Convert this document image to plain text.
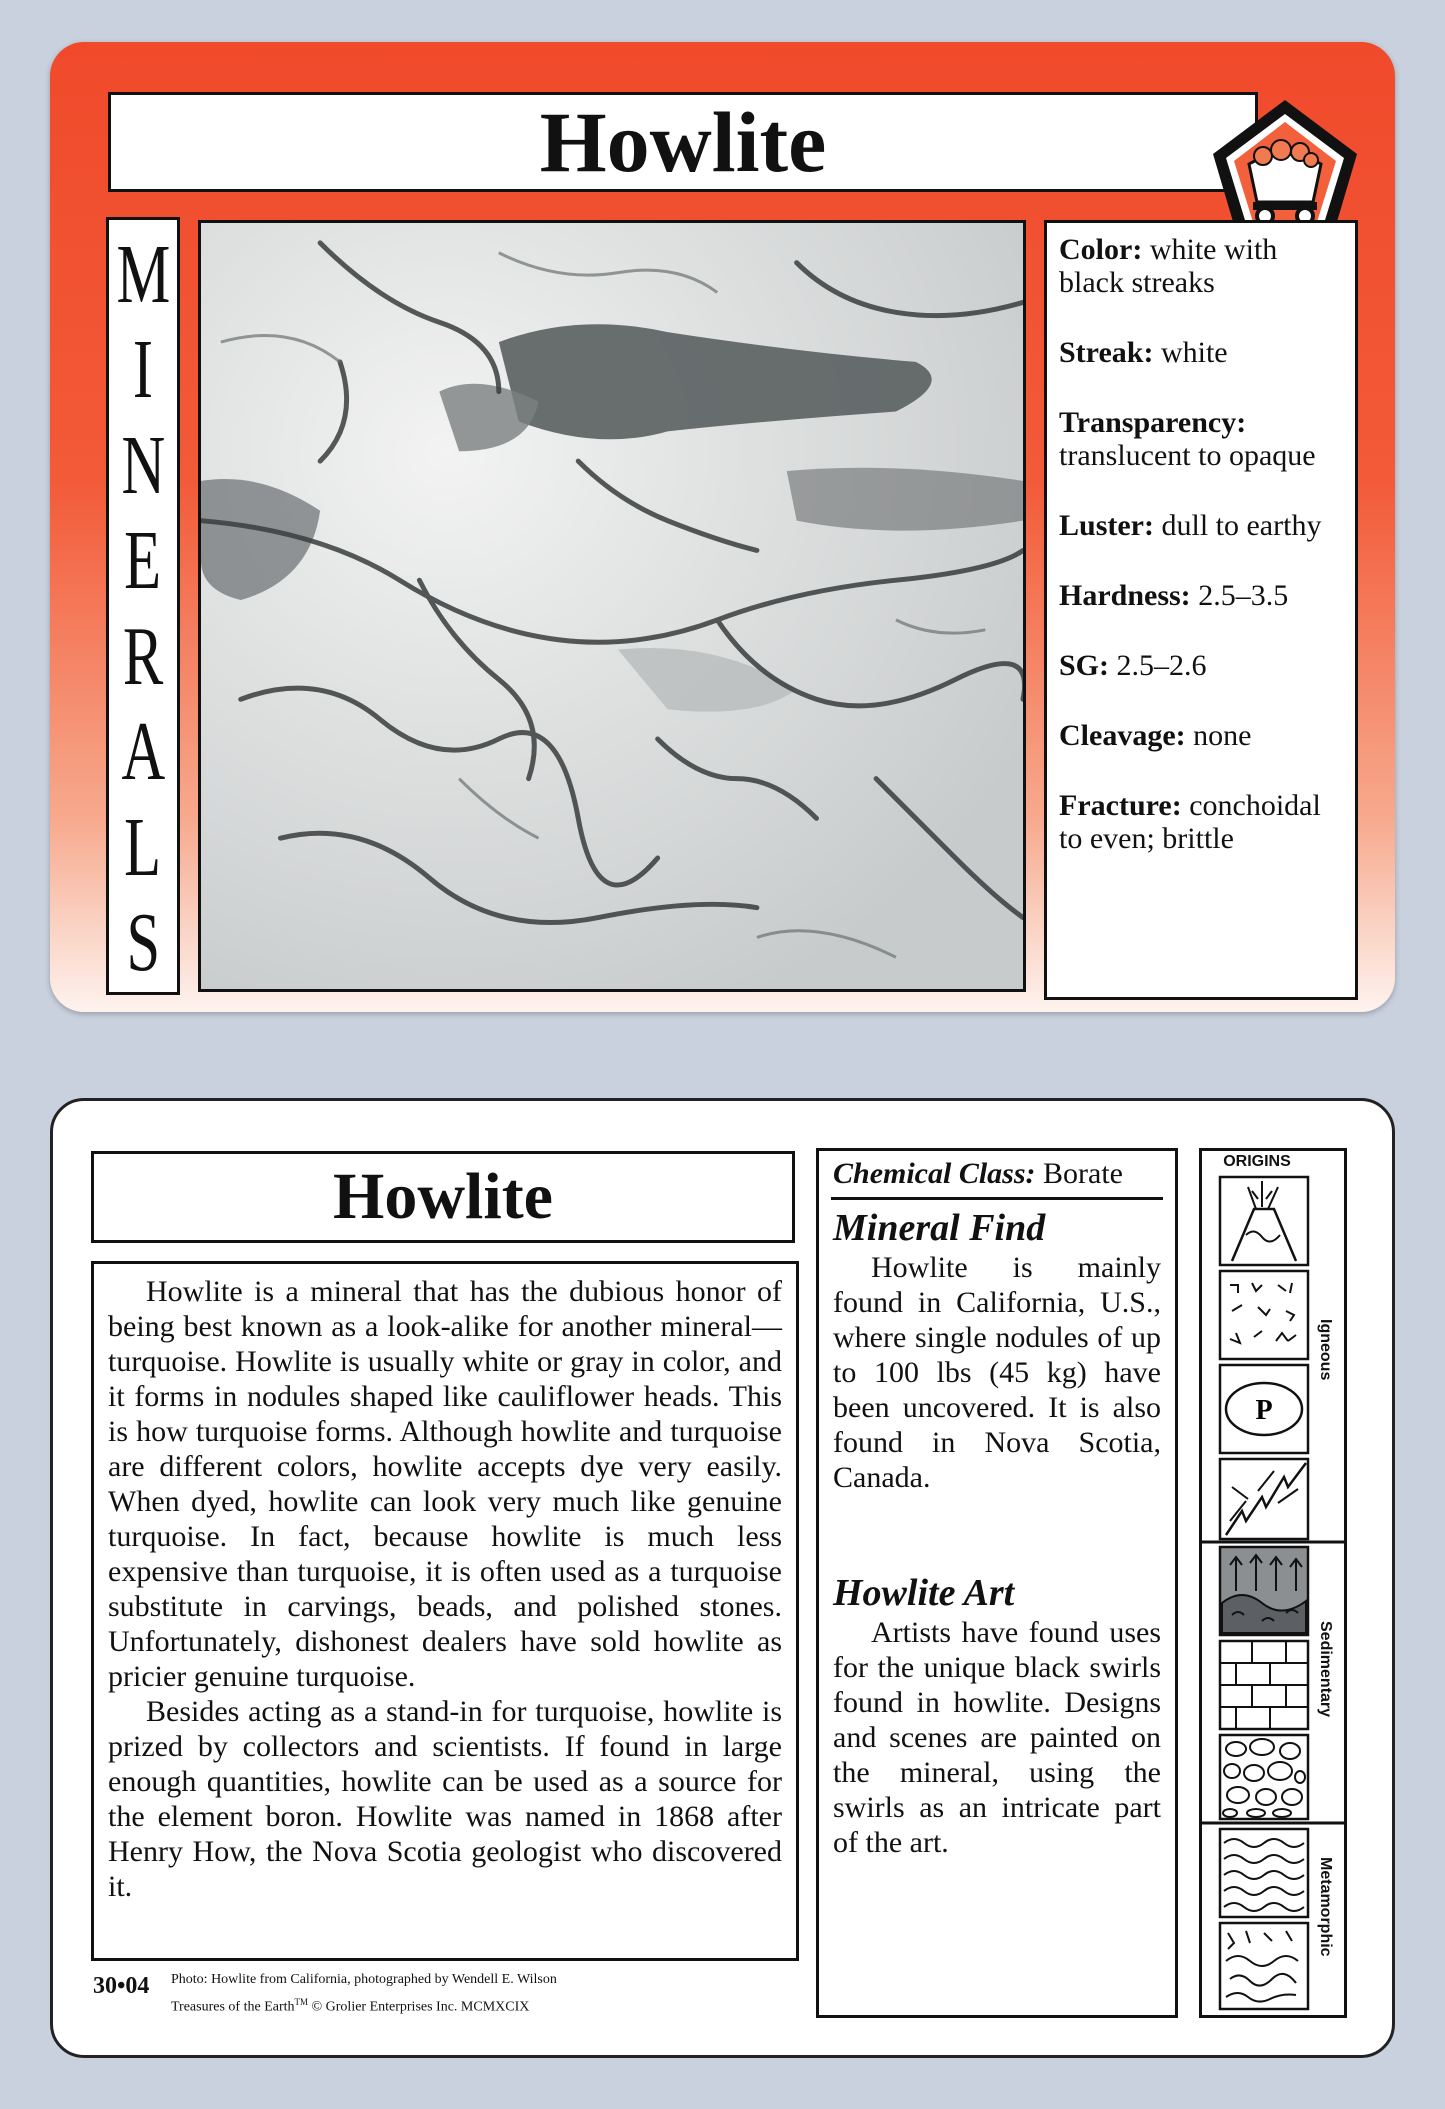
Howlite
M
I
N
E
R
A
L
S
Color: white with black streaks
Streak: white
Transparency: translucent to opaque
Luster: dull to earthy
Hardness: 2.5–3.5
SG: 2.5–2.6
Cleavage: none
Fracture: conchoidal to even; brittle
Howlite

Howlite is a mineral that has the dubious honor of being best known as a look-alike for another mineral—turquoise. Howlite is usually white or gray in color, and it forms in nodules shaped like cauliflower heads. This is how turquoise forms. Although howlite and turquoise are different colors, howlite accepts dye very easily. When dyed, howlite can look very much like genuine turquoise. In fact, because howlite is much less expensive than turquoise, it is often used as a turquoise substitute in carvings, beads, and polished stones. Unfortunately, dishonest dealers have sold howlite as pricier genuine turquoise.

Besides acting as a stand-in for turquoise, howlite is prized by collectors and scientists. If found in large enough quantities, howlite can be used as a source for the element boron. Howlite was named in 1868 after Henry How, the Nova Scotia geologist who discovered it.

30•04 Photo: Howlite from California, photographed by Wendell E. Wilson
Treasures of the Earth™ © Grolier Enterprises Inc. MCMXCIX
Chemical Class: Borate
Mineral Find

Howlite is mainly found in California, U.S., where single nodules of up to 100 lbs (45 kg) have been uncovered. It is also found in Nova Scotia, Canada.

Howlite Art

Artists have found uses for the unique black swirls found in howlite. Designs and scenes are painted on the mineral, using the swirls as an intricate part of the art.

P
ORIGINS
Igneous
Sedimentary
Metamorphic
